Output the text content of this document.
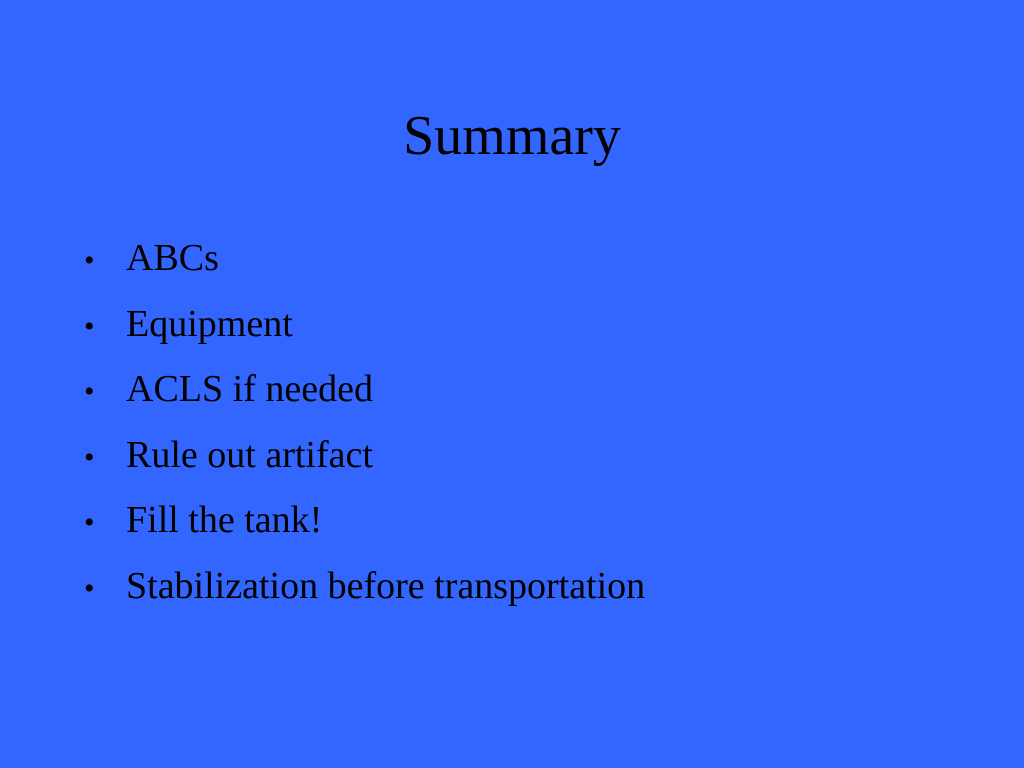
Summary
• ABCs
• Equipment
• ACLS if needed
• Rule out artifact
• Fill the tank!
• Stabilization before transportation
